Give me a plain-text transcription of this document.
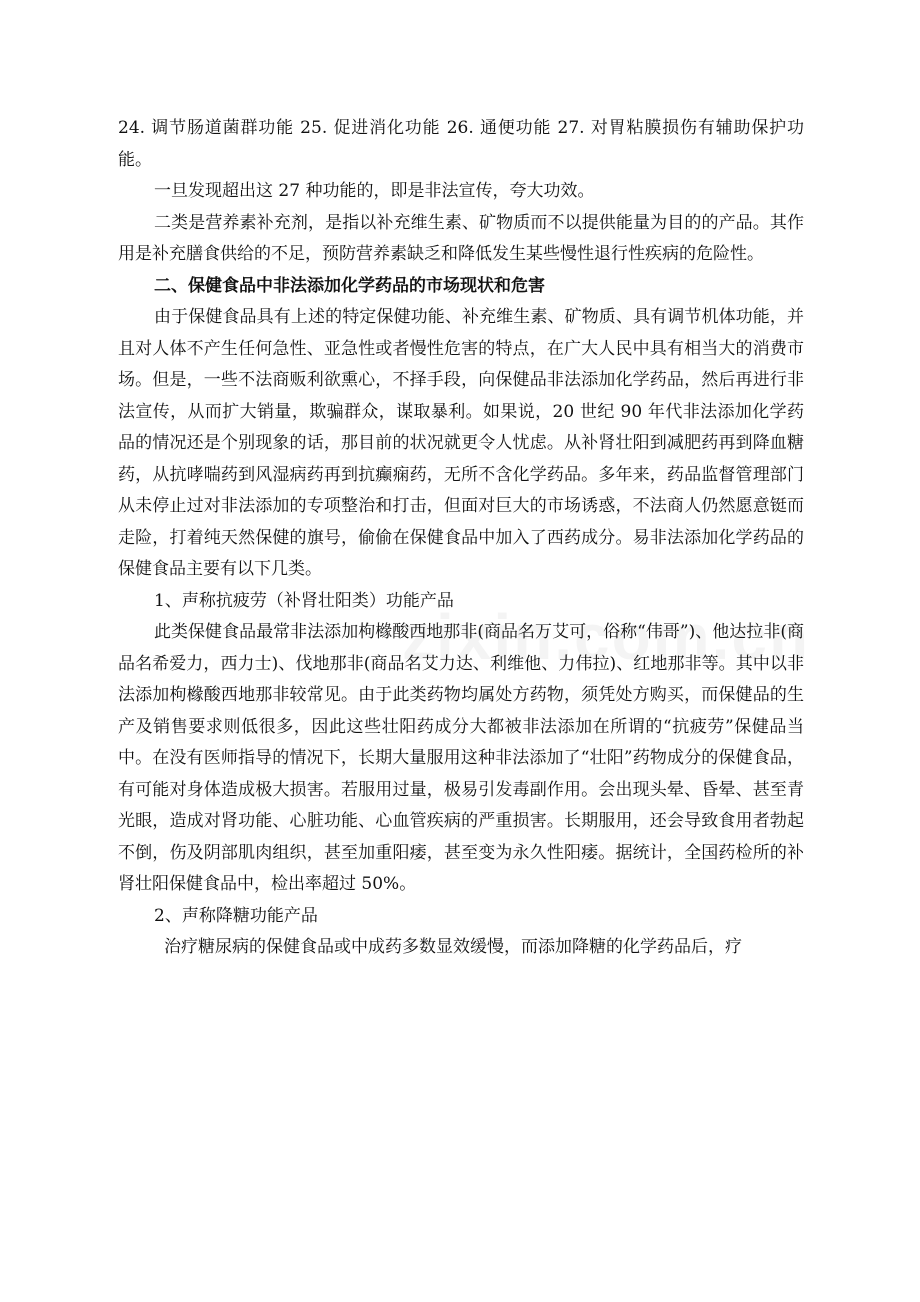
24. 调节肠道菌群功能 25. 促进消化功能 26. 通便功能 27. 对胃粘膜损伤有辅助保护功能。

一旦发现超出这 27 种功能的，即是非法宣传，夸大功效。

二类是营养素补充剂，是指以补充维生素、矿物质而不以提供能量为目的的产品。其作用是补充膳食供给的不足，预防营养素缺乏和降低发生某些慢性退行性疾病的危险性。

二、保健食品中非法添加化学药品的市场现状和危害

由于保健食品具有上述的特定保健功能、补充维生素、矿物质、具有调节机体功能，并且对人体不产生任何急性、亚急性或者慢性危害的特点，在广大人民中具有相当大的消费市场。但是，一些不法商贩利欲熏心，不择手段，向保健品非法添加化学药品，然后再进行非法宣传，从而扩大销量，欺骗群众，谋取暴利。如果说，20 世纪 90 年代非法添加化学药品的情况还是个别现象的话，那目前的状况就更令人忧虑。从补肾壮阳到减肥药再到降血糖药，从抗哮喘药到风湿病药再到抗癫痫药，无所不含化学药品。多年来，药品监督管理部门从未停止过对非法添加的专项整治和打击，但面对巨大的市场诱惑，不法商人仍然愿意铤而走险，打着纯天然保健的旗号，偷偷在保健食品中加入了西药成分。易非法添加化学药品的保健食品主要有以下几类。

1、声称抗疲劳（补肾壮阳类）功能产品

此类保健食品最常非法添加枸橼酸西地那非(商品名万艾可，俗称“伟哥”)、他达拉非(商品名希爱力，西力士)、伐地那非(商品名艾力达、利维他、力伟拉)、红地那非等。其中以非法添加枸橼酸西地那非较常见。由于此类药物均属处方药物，须凭处方购买，而保健品的生产及销售要求则低很多，因此这些壮阳药成分大都被非法添加在所谓的“抗疲劳”保健品当中。在没有医师指导的情况下，长期大量服用这种非法添加了“壮阳”药物成分的保健食品，有可能对身体造成极大损害。若服用过量，极易引发毒副作用。会出现头晕、昏晕、甚至青光眼，造成对肾功能、心脏功能、心血管疾病的严重损害。长期服用，还会导致食用者勃起不倒，伤及阴部肌肉组织，甚至加重阳痿，甚至变为永久性阳痿。据统计，全国药检所的补肾壮阳保健食品中，检出率超过 50%。

2、声称降糖功能产品

治疗糖尿病的保健食品或中成药多数显效缓慢，而添加降糖的化学药品后，疗
